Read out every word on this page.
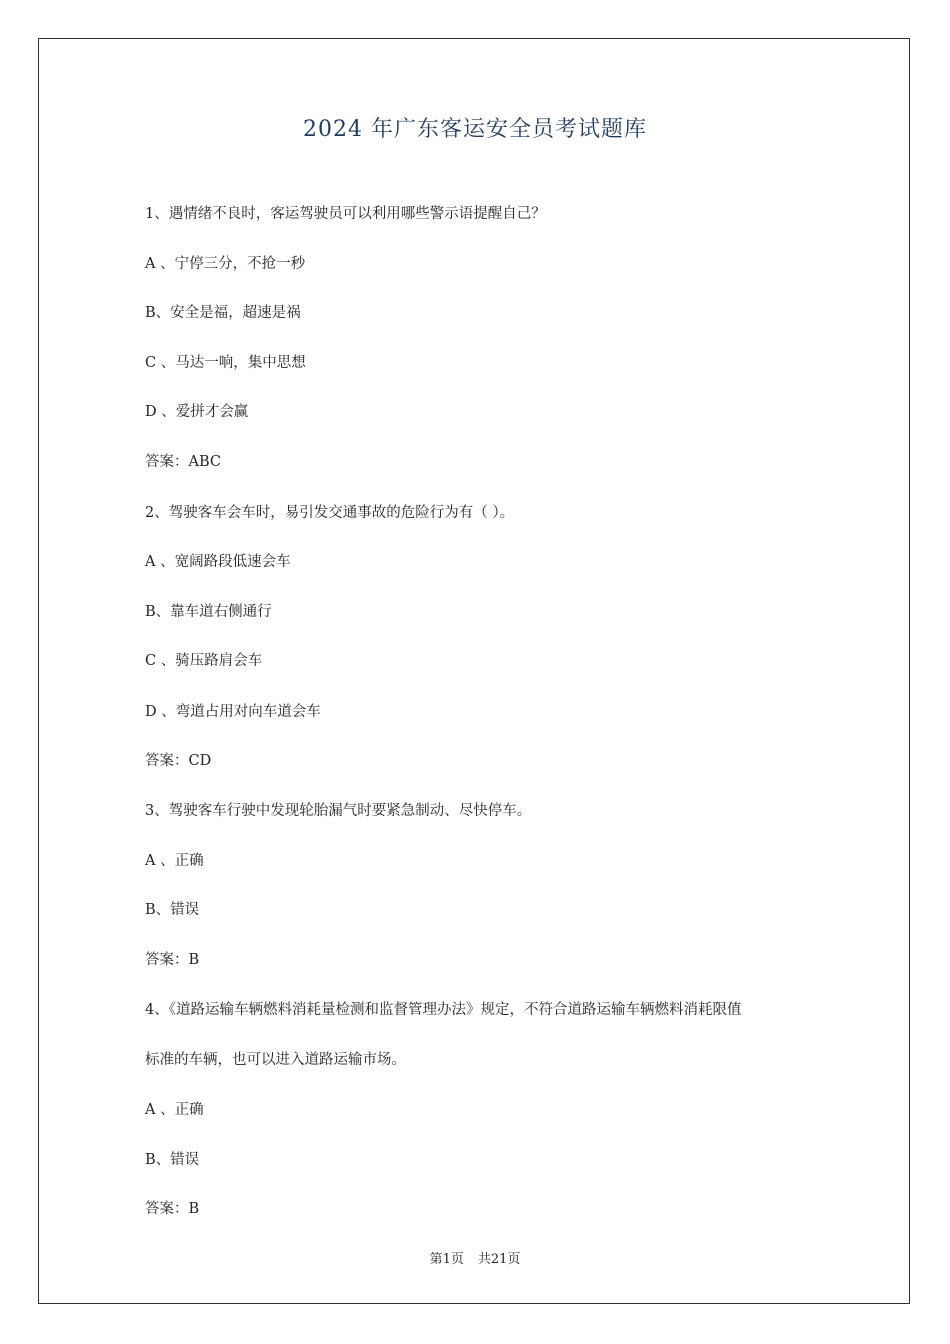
2024 年广东客运安全员考试题库
1、遇情绪不良时，客运驾驶员可以利用哪些警示语提醒自己？
A 、宁停三分，不抢一秒
B、安全是福，超速是祸
C 、马达一响，集中思想
D 、爱拼才会赢
答案：ABC
2、驾驶客车会车时，易引发交通事故的危险行为有（ ）。
A 、宽阔路段低速会车
B、靠车道右侧通行
C 、骑压路肩会车
D 、弯道占用对向车道会车
答案：CD
3、驾驶客车行驶中发现轮胎漏气时要紧急制动、尽快停车。
A 、正确
B、错误
答案：B
4、《道路运输车辆燃料消耗量检测和监督管理办法》规定，不符合道路运输车辆燃料消耗限值
标准的车辆，也可以进入道路运输市场。
A 、正确
B、错误
答案：B
第1页 共21页
